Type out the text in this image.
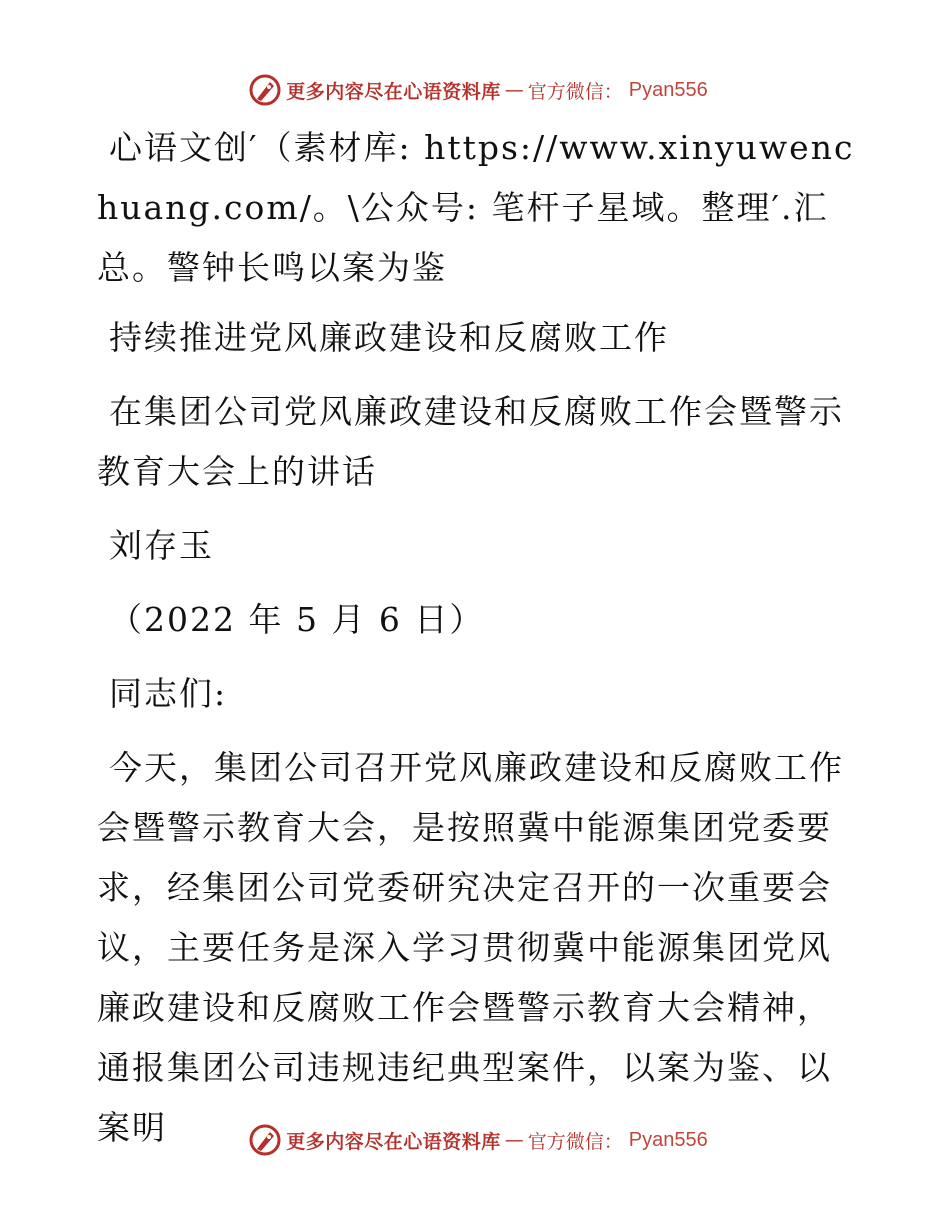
更多内容尽在心语资料库 — 官方微信： Pyan556

心语文创′（素材库: https://www.xinyuwenchuang.com/。\公众号: 笔杆子星域。整理′.汇总。警钟长鸣以案为鉴

持续推进党风廉政建设和反腐败工作

在集团公司党风廉政建设和反腐败工作会暨警示教育大会上的讲话

刘存玉

（2022 年 5 月 6 日）

同志们:

今天，集团公司召开党风廉政建设和反腐败工作会暨警示教育大会，是按照冀中能源集团党委要求，经集团公司党委研究决定召开的一次重要会议，主要任务是深入学习贯彻冀中能源集团党风廉政建设和反腐败工作会暨警示教育大会精神，通报集团公司违规违纪典型案件，以案为鉴、以案明	更多内容尽在心语资料库 — 官方微信： Pyan556
